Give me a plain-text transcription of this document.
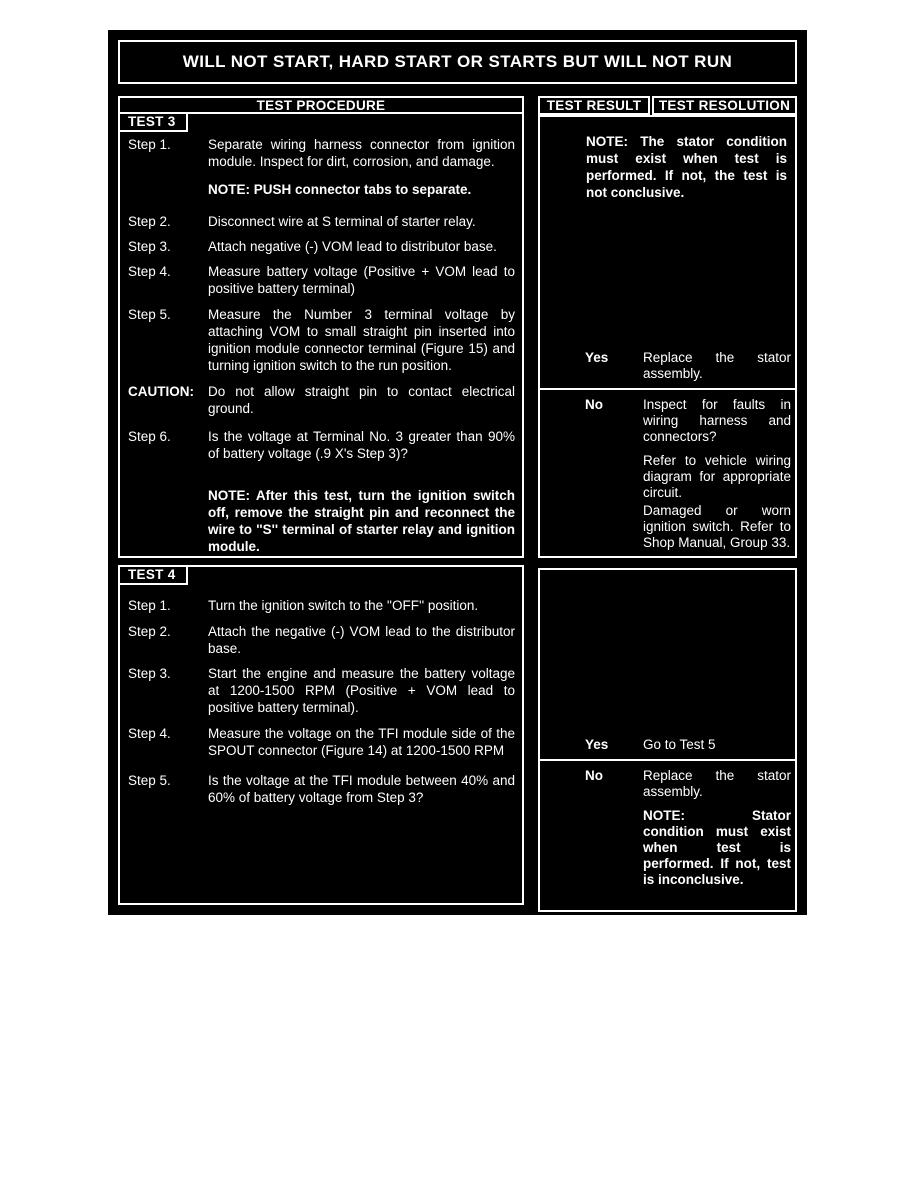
WILL NOT START, HARD START OR STARTS BUT WILL NOT RUN
TEST PROCEDURE	TEST RESULT TEST RESOLUTION
TEST 3
Step 1.	Separate wiring harness connector from ignition module. Inspect for dirt, corrosion, and damage.
NOTE: PUSH connector tabs to separate.
Step 2.	Disconnect wire at S terminal of starter relay.
Step 3.	Attach negative (-) VOM lead to distributor base.
Step 4.	Measure battery voltage (Positive + VOM lead to positive battery terminal)
Step 5.	Measure the Number 3 terminal voltage by attaching VOM to small straight pin inserted into ignition module connector terminal (Figure 15) and turning ignition switch to the run position.
CAUTION:	Do not allow straight pin to contact electrical ground.
Step 6.	Is the voltage at Terminal No. 3 greater than 90% of battery voltage (.9 X's Step 3)?
NOTE: After this test, turn the ignition switch off, remove the straight pin and reconnect the wire to ''S'' terminal of starter relay and ignition module.
NOTE: The stator condition must exist when test is performed. If not, the test is not conclusive.
Yes	Replace the stator assembly.

No	Inspect for faults in wiring harness and connectors?

Refer to vehicle wiring diagram for appropriate circuit.

Damaged or worn ignition switch. Refer to Shop Manual, Group 33.

TEST 4
Step 1.	Turn the ignition switch to the ''OFF'' position.
Step 2.	Attach the negative (-) VOM lead to the distributor base.
Step 3.	Start the engine and measure the battery voltage at 1200-1500 RPM (Positive + VOM lead to positive battery terminal).
Step 4.	Measure the voltage on the TFI module side of the SPOUT connector (Figure 14) at 1200-1500 RPM
Step 5.	Is the voltage at the TFI module between 40% and 60% of battery voltage from Step 3?
Yes	Go to Test 5

No	Replace the stator assembly.

NOTE: Stator condition must exist when test is performed. If not, test is inconclusive.
